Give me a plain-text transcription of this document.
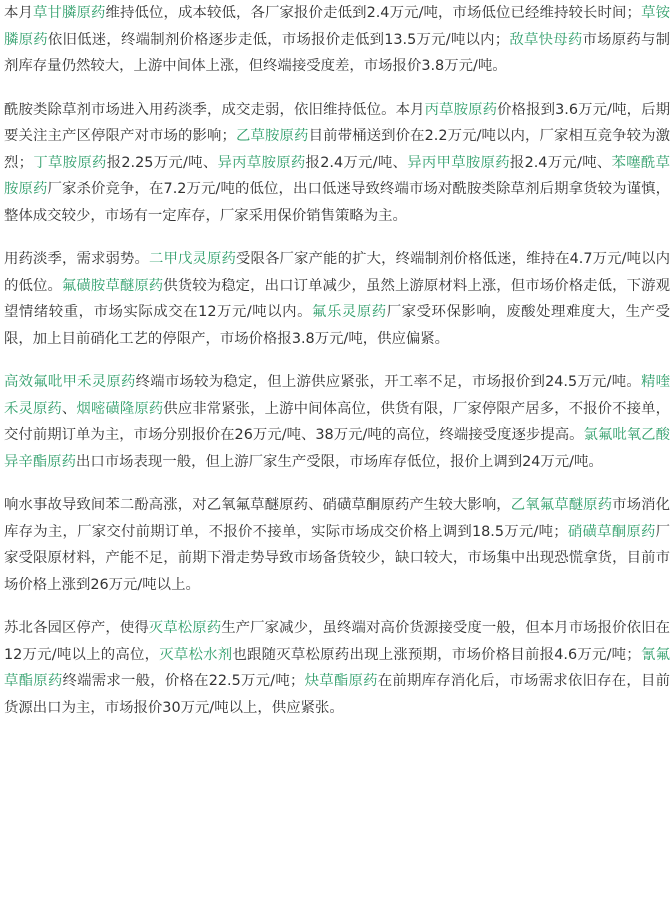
本月草甘膦原药维持低位，成本较低，各厂家报价走低到2.4万元/吨，市场低位已经维持较长时间；草铵膦原药依旧低迷，终端制剂价格逐步走低，市场报价走低到13.5万元/吨以内；敌草快母药市场原药与制剂库存量仍然较大，上游中间体上涨，但终端接受度差，市场报价3.8万元/吨。

酰胺类除草剂市场进入用药淡季，成交走弱，依旧维持低位。本月丙草胺原药价格报到3.6万元/吨，后期要关注主产区停限产对市场的影响；乙草胺原药目前带桶送到价在2.2万元/吨以内，厂家相互竞争较为激烈；丁草胺原药报2.25万元/吨、异丙草胺原药报2.4万元/吨、异丙甲草胺原药报2.4万元/吨、苯噻酰草胺原药厂家杀价竞争，在7.2万元/吨的低位，出口低迷导致终端市场对酰胺类除草剂后期拿货较为谨慎，整体成交较少，市场有一定库存，厂家采用保价销售策略为主。

用药淡季，需求弱势。二甲戊灵原药受限各厂家产能的扩大，终端制剂价格低迷，维持在4.7万元/吨以内的低位。氟磺胺草醚原药供货较为稳定，出口订单减少，虽然上游原材料上涨，但市场价格走低，下游观望情绪较重，市场实际成交在12万元/吨以内。氟乐灵原药厂家受环保影响，废酸处理难度大，生产受限，加上目前硝化工艺的停限产，市场价格报3.8万元/吨，供应偏紧。

高效氟吡甲禾灵原药终端市场较为稳定，但上游供应紧张，开工率不足，市场报价到24.5万元/吨。精喹禾灵原药、烟嘧磺隆原药供应非常紧张，上游中间体高位，供货有限，厂家停限产居多，不报价不接单，交付前期订单为主，市场分别报价在26万元/吨、38万元/吨的高位，终端接受度逐步提高。氯氟吡氧乙酸异辛酯原药出口市场表现一般，但上游厂家生产受限，市场库存低位，报价上调到24万元/吨。

响水事故导致间苯二酚高涨，对乙氧氟草醚原药、硝磺草酮原药产生较大影响，乙氧氟草醚原药市场消化库存为主，厂家交付前期订单，不报价不接单，实际市场成交价格上调到18.5万元/吨；硝磺草酮原药厂家受限原材料，产能不足，前期下滑走势导致市场备货较少，缺口较大，市场集中出现恐慌拿货，目前市场价格上涨到26万元/吨以上。

苏北各园区停产，使得灭草松原药生产厂家减少，虽终端对高价货源接受度一般，但本月市场报价依旧在12万元/吨以上的高位，灭草松水剂也跟随灭草松原药出现上涨预期，市场价格目前报4.6万元/吨；氰氟草酯原药终端需求一般，价格在22.5万元/吨；炔草酯原药在前期库存消化后，市场需求依旧存在，目前货源出口为主，市场报价30万元/吨以上，供应紧张。
